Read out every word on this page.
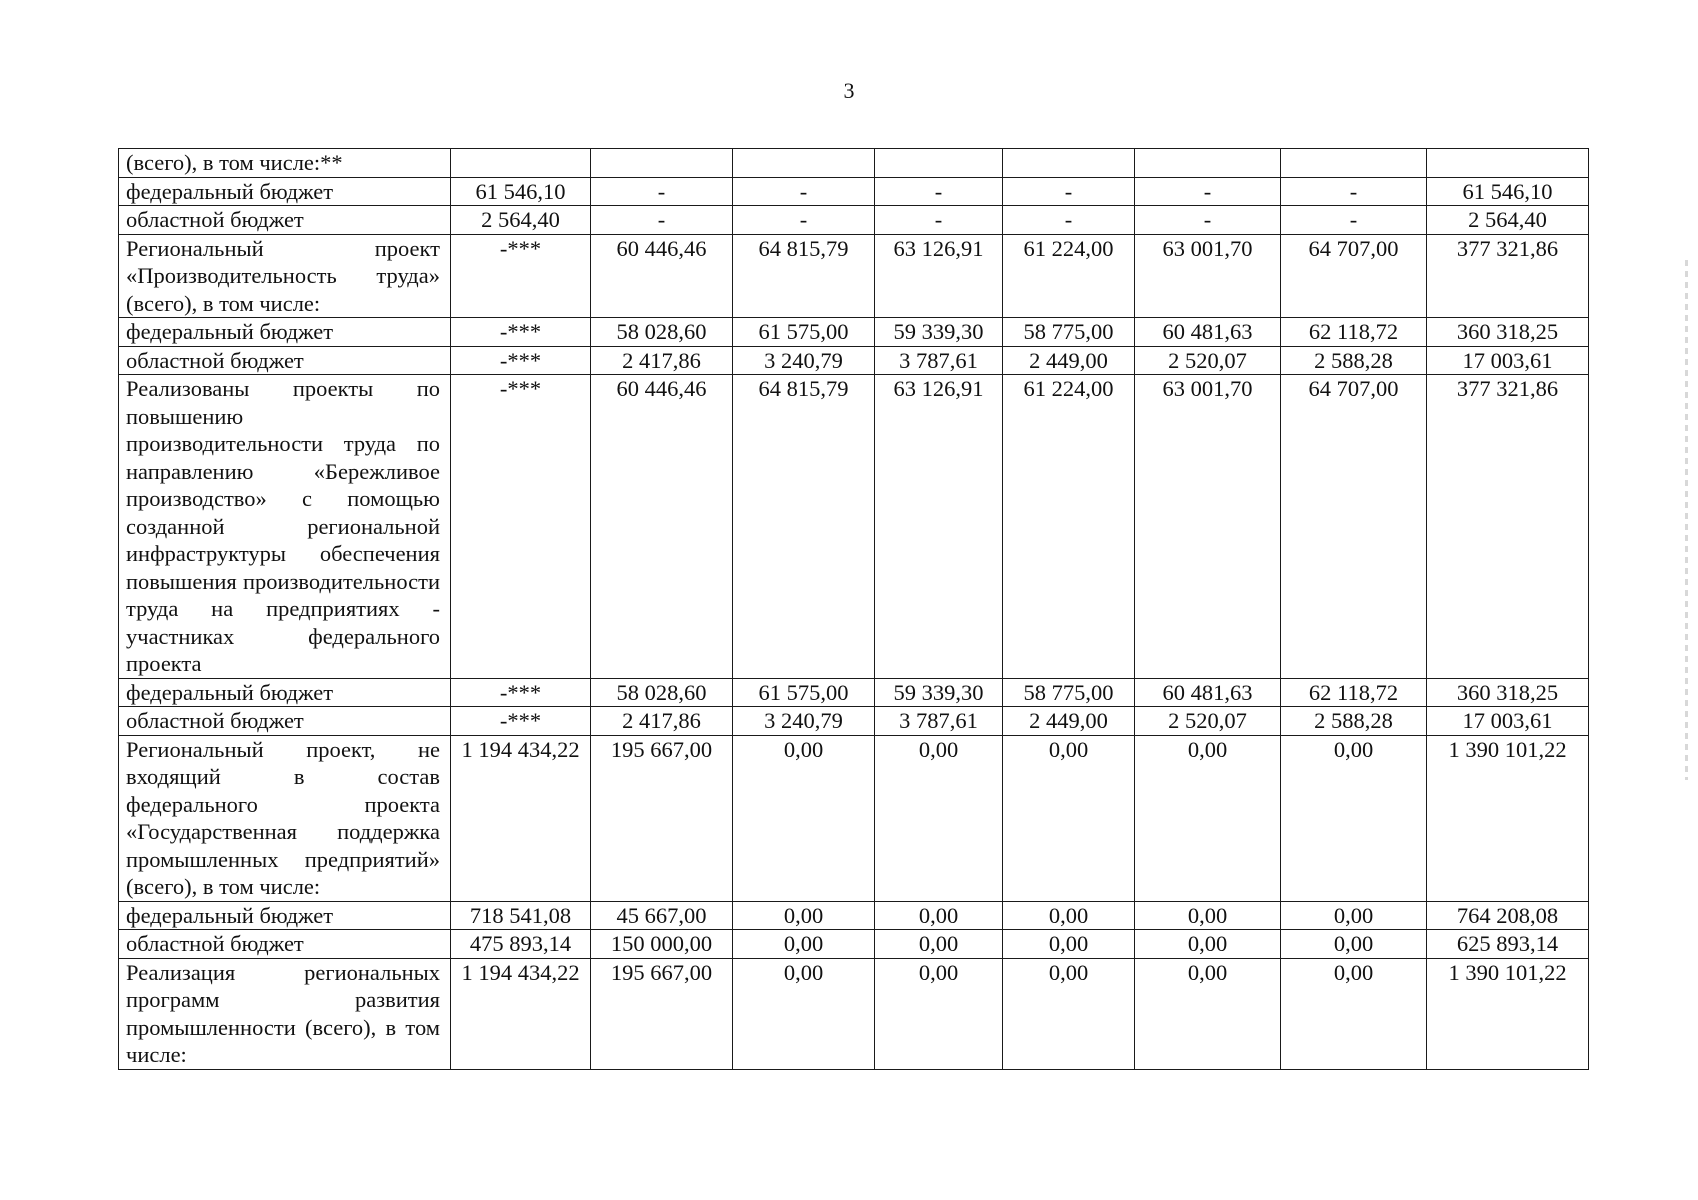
3
(всего), в том числе:**								
федеральный бюджет	61 546,10	-	-	-	-	-	-	61 546,10
областной бюджет	2 564,40	-	-	-	-	-	-	2 564,40
Региональный проект «Производительность труда» (всего), в том числе:	-***	60 446,46	64 815,79	63 126,91	61 224,00	63 001,70	64 707,00	377 321,86
федеральный бюджет	-***	58 028,60	61 575,00	59 339,30	58 775,00	60 481,63	62 118,72	360 318,25
областной бюджет	-***	2 417,86	3 240,79	3 787,61	2 449,00	2 520,07	2 588,28	17 003,61
Реализованы проекты по повышению производительности труда по направлению «Бережливое производство» с помощью созданной региональной инфраструктуры обеспечения повышения производительности труда на предприятиях - участниках федерального проекта	-***	60 446,46	64 815,79	63 126,91	61 224,00	63 001,70	64 707,00	377 321,86
федеральный бюджет	-***	58 028,60	61 575,00	59 339,30	58 775,00	60 481,63	62 118,72	360 318,25
областной бюджет	-***	2 417,86	3 240,79	3 787,61	2 449,00	2 520,07	2 588,28	17 003,61
Региональный проект, не входящий в состав федерального проекта «Государственная поддержка промышленных предприятий» (всего), в том числе:	1 194 434,22	195 667,00	0,00	0,00	0,00	0,00	0,00	1 390 101,22
федеральный бюджет	718 541,08	45 667,00	0,00	0,00	0,00	0,00	0,00	764 208,08
областной бюджет	475 893,14	150 000,00	0,00	0,00	0,00	0,00	0,00	625 893,14
Реализация региональных программ развития промышленности (всего), в том числе:	1 194 434,22	195 667,00	0,00	0,00	0,00	0,00	0,00	1 390 101,22
